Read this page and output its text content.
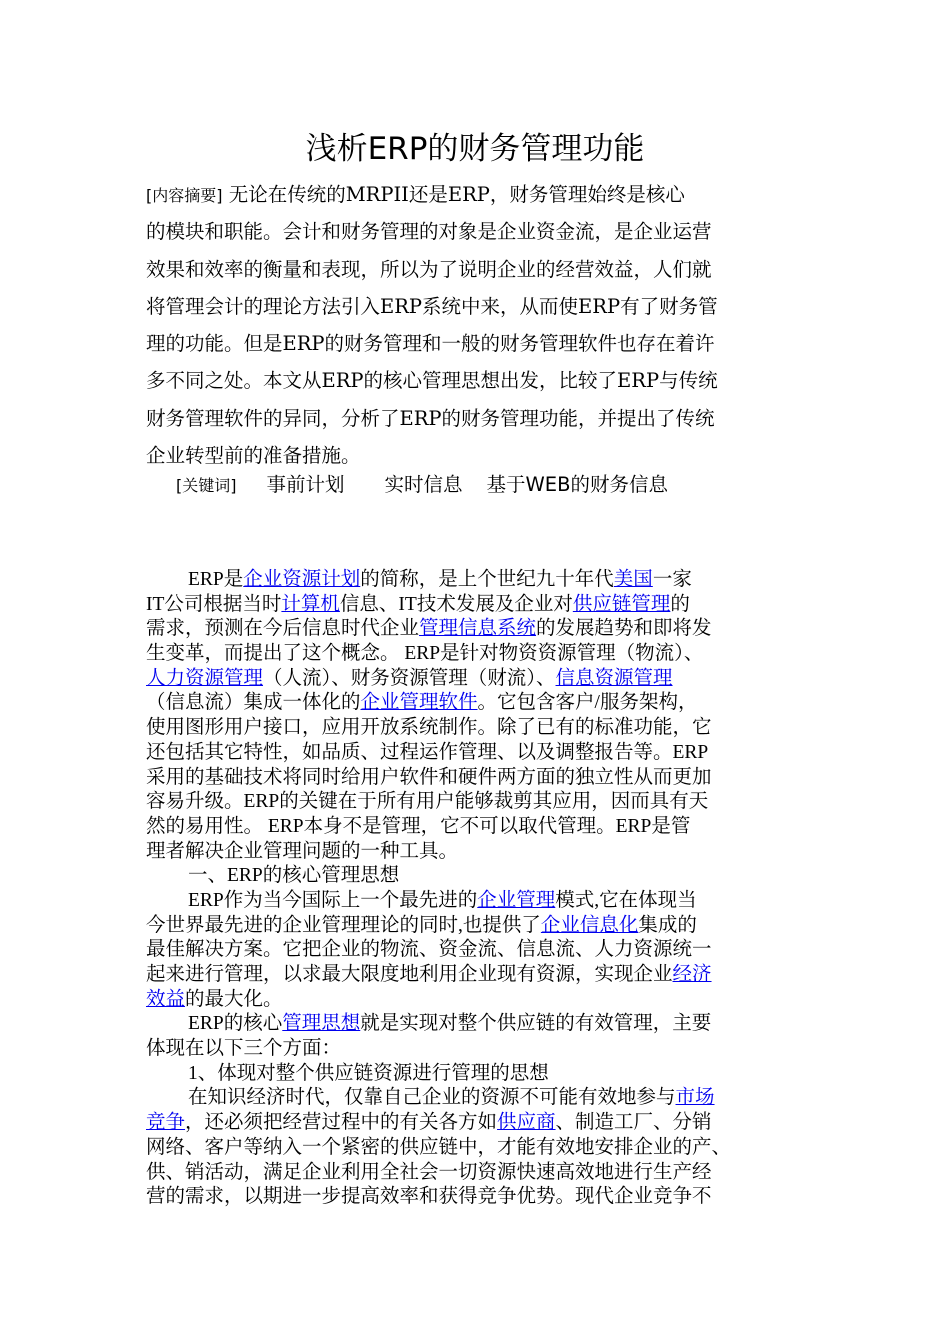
浅析ERP的财务管理功能
[内容摘要] 无论在传统的MRPII还是ERP，财务管理始终是核心
的模块和职能。会计和财务管理的对象是企业资金流，是企业运营
效果和效率的衡量和表现，所以为了说明企业的经营效益，人们就
将管理会计的理论方法引入ERP系统中来，从而使ERP有了财务管
理的功能。但是ERP的财务管理和一般的财务管理软件也存在着许
多不同之处。本文从ERP的核心管理思想出发，比较了ERP与传统
财务管理软件的异同，分析了ERP的财务管理功能，并提出了传统
企业转型前的准备措施。
[关键词] 事前计划 实时信息 基于WEB的财务信息
ERP是企业资源计划的简称，是上个世纪九十年代美国一家
IT公司根据当时计算机信息、IT技术发展及企业对供应链管理的
需求，预测在今后信息时代企业管理信息系统的发展趋势和即将发
生变革，而提出了这个概念。 ERP是针对物资资源管理（物流）、
人力资源管理（人流）、财务资源管理（财流）、信息资源管理
（信息流）集成一体化的企业管理软件。它包含客户/服务架构，
使用图形用户接口，应用开放系统制作。除了已有的标准功能，它
还包括其它特性，如品质、过程运作管理、以及调整报告等。ERP
采用的基础技术将同时给用户软件和硬件两方面的独立性从而更加
容易升级。ERP的关键在于所有用户能够裁剪其应用，因而具有天
然的易用性。 ERP本身不是管理，它不可以取代管理。ERP是管
理者解决企业管理问题的一种工具。
一、ERP的核心管理思想
ERP作为当今国际上一个最先进的企业管理模式,它在体现当
今世界最先进的企业管理理论的同时,也提供了企业信息化集成的
最佳解决方案。它把企业的物流、资金流、信息流、人力资源统一
起来进行管理，以求最大限度地利用企业现有资源，实现企业经济
效益的最大化。
ERP的核心管理思想就是实现对整个供应链的有效管理，主要
体现在以下三个方面：
1、体现对整个供应链资源进行管理的思想
在知识经济时代，仅靠自己企业的资源不可能有效地参与市场
竞争，还必须把经营过程中的有关各方如供应商、制造工厂、分销
网络、客户等纳入一个紧密的供应链中，才能有效地安排企业的产、
供、销活动，满足企业利用全社会一切资源快速高效地进行生产经
营的需求，以期进一步提高效率和获得竞争优势。现代企业竞争不
